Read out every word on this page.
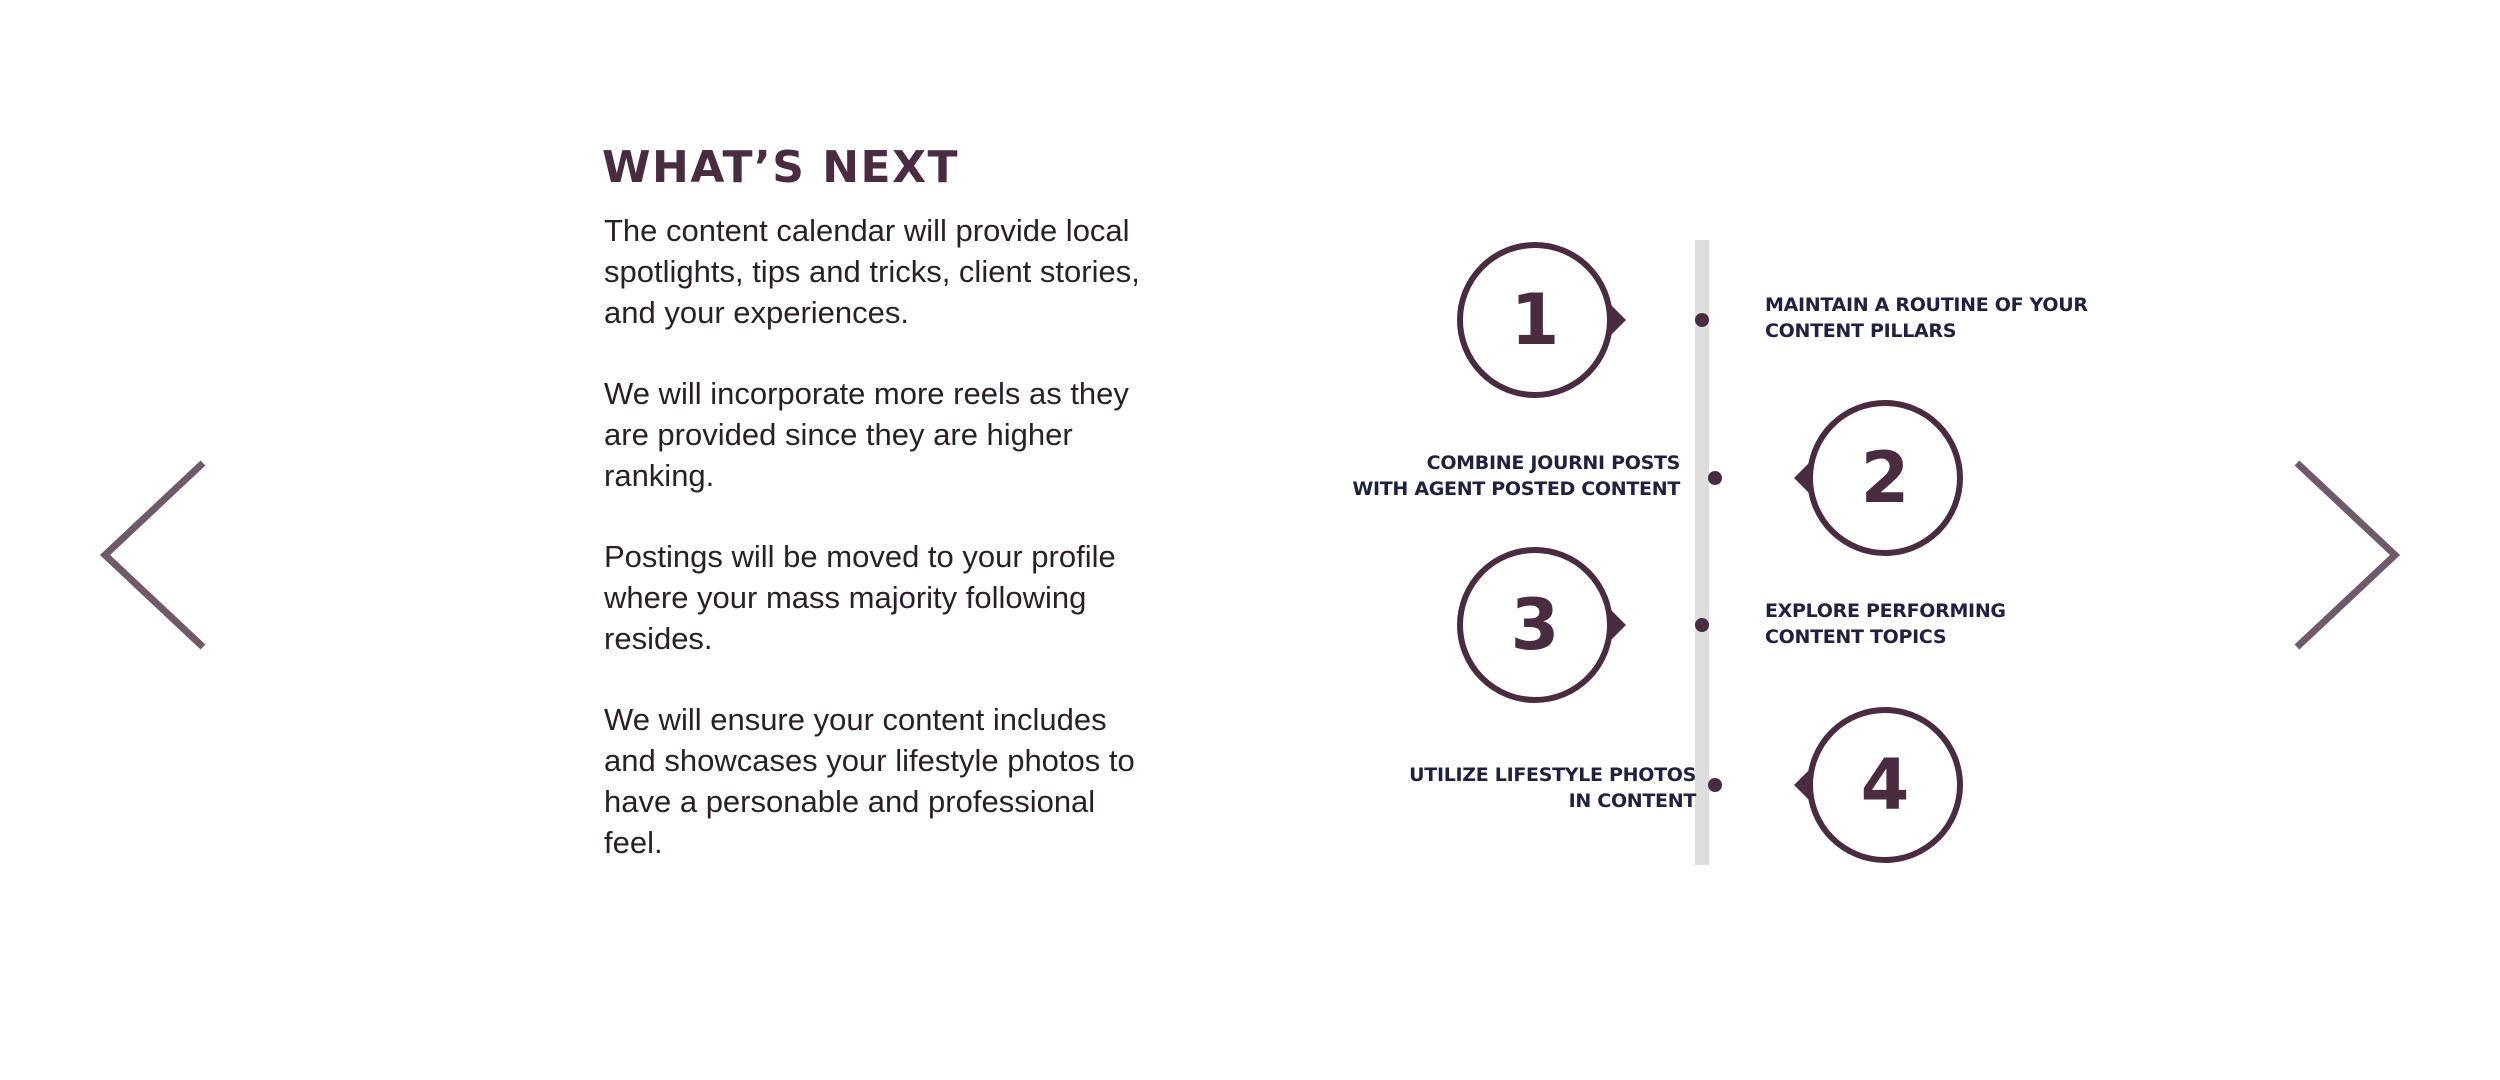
WHAT’S NEXT

The content calendar will provide local spotlights, tips and tricks, client stories, and your experiences.

We will incorporate more reels as they are provided since they are higher ranking.

Postings will be moved to your profile where your mass majority following resides.

We will ensure your content includes and showcases your lifestyle photos to have a personable and professional feel.

1
2
3
4
MAINTAIN A ROUTINE OF YOUR
CONTENT PILLARS
COMBINE JOURNI POSTS
WITH AGENT POSTED CONTENT
EXPLORE PERFORMING
CONTENT TOPICS
UTILIZE LIFESTYLE PHOTOS
IN CONTENT
